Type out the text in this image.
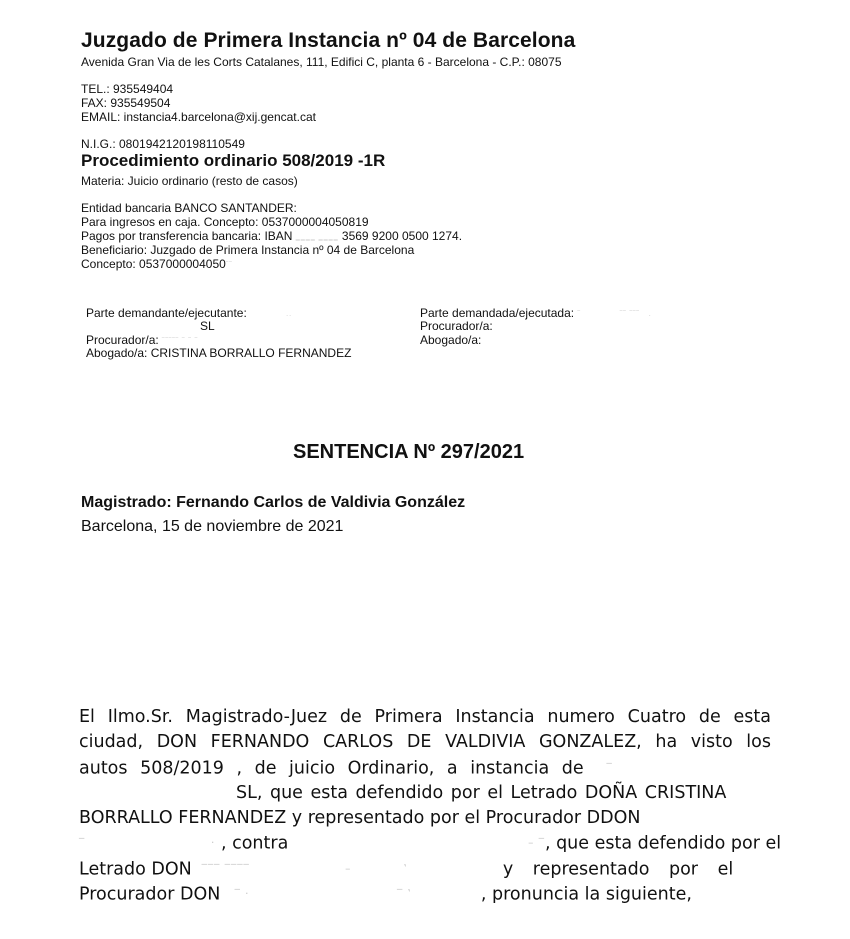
Juzgado de Primera Instancia nº 04 de Barcelona
Avenida Gran Via de les Corts Catalanes, 111, Edifici C, planta 6 - Barcelona - C.P.: 08075
TEL.: 935549404
FAX: 935549504
EMAIL: instancia4.barcelona@xij.gencat.cat
N.I.G.: 0801942120198110549
Procedimiento ordinario 508/2019 -1R
Materia: Juicio ordinario (resto de casos)
Entidad bancaria BANCO SANTANDER:
Para ingresos en caja. Concepto: 0537000004050819
Pagos por transferencia bancaria: IBAN ‗‗‗‗ ‗‗‗‗ 3569 9200 0500 1274.
Beneficiario: Juzgado de Primera Instancia nº 04 de Barcelona
Concepto: 0537000004050‾‾
Parte demandante/ejecutante:             ..
SL
Procurador/a: ‾‾‾‾‾ ‾ ‾ ‾
Abogado/a: CRISTINA BORRALLO FERNANDEZ
Parte demandada/ejecutada: ‾             ‾‾ ‾‾‾   .
Procurador/a:
Abogado/a:
SENTENCIA Nº 297/2021
Magistrado: Fernando Carlos de Valdivia González
Barcelona, 15 de noviembre de 2021
El Ilmo.Sr. Magistrado-Juez de Primera Instancia numero Cuatro de esta
ciudad, DON FERNANDO CARLOS DE VALDIVIA GONZALEZ, ha visto los
autos 508/2019 , de juicio Ordinario, a instancia de     ‾
SL, que esta defendido por el Letrado DOÑA CRISTINA
BORRALLO FERNANDEZ y representado por el Procurador DDON
‾                             ‧ , contra                                                       – ‾, que esta defendido por el
Letrado DON  ‾‾‾ ‾‾‾‾                      –            ‛	y representado por el
Procurador DON   ‾ ‧                                  ‾ ‛	, pronuncia la siguiente,
